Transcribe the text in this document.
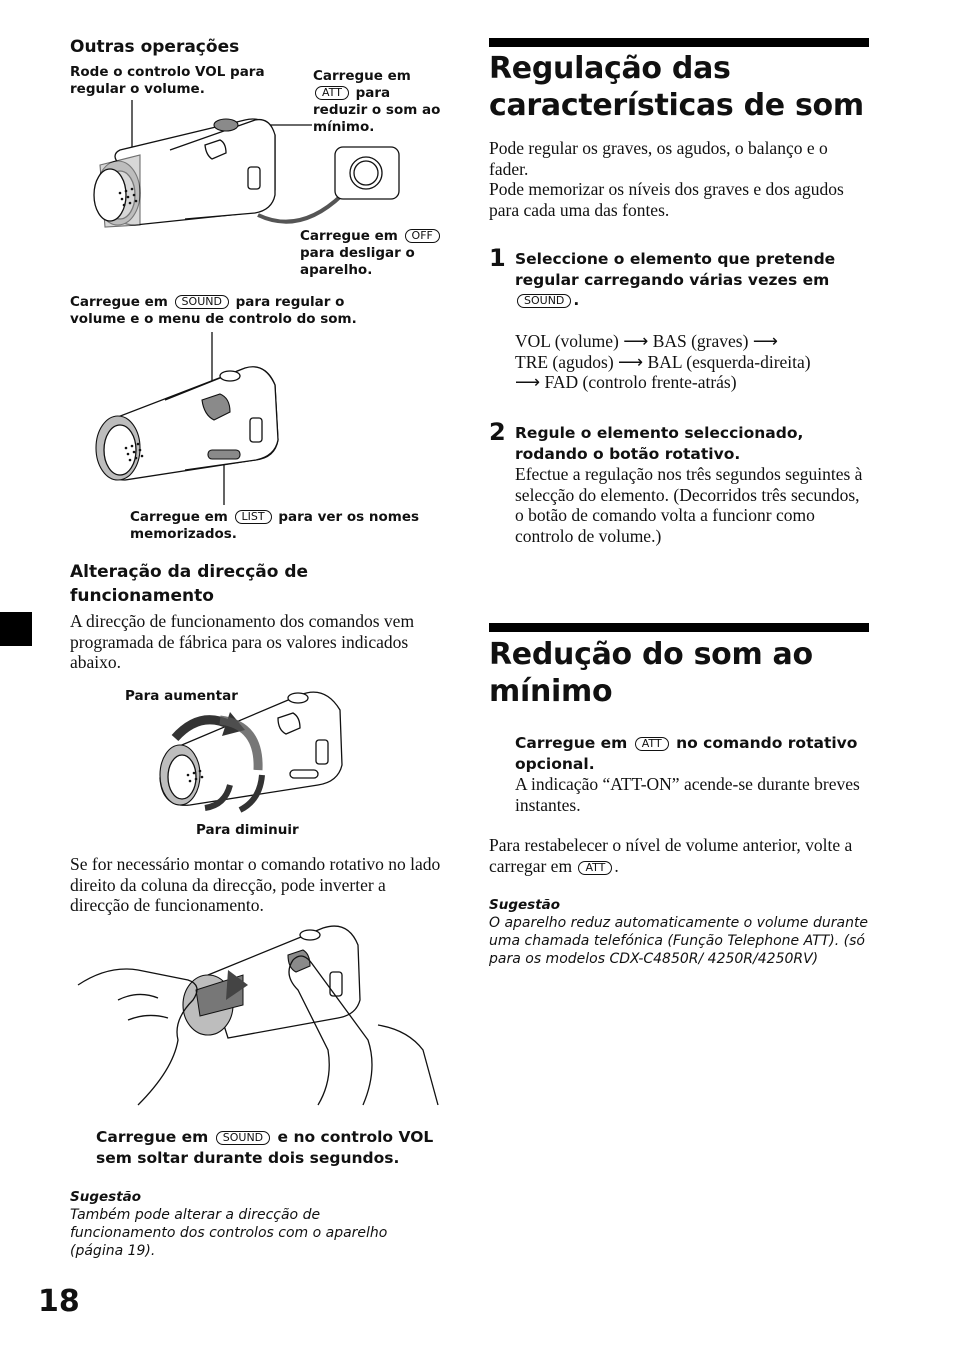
Outras operações
Rode o controlo VOL para regular o volume.
Carregue em
ATT para
reduzir o som ao mínimo.
Carregue em OFF
para desligar o aparelho.
Carregue em SOUND para regular o
volume e o menu de controlo do som.
Carregue em LIST para ver os nomes
memorizados.
Alteração da direcção de funcionamento
A direcção de funcionamento dos comandos vem programada de fábrica para os valores indicados abaixo.
Para aumentar
Para diminuir
Se for necessário montar o comando rotativo no lado direito da coluna da direcção, pode inverter a direcção de funcionamento.
Carregue em SOUND e no controlo VOL
sem soltar durante dois segundos.
Sugestão
Também pode alterar a direcção de funcionamento dos controlos com o aparelho (página 19).
18
Regulação das características de som
Pode regular os graves, os agudos, o balanço e o fader.
Pode memorizar os níveis dos graves e dos agudos para cada uma das fontes.
1 Seleccione o elemento que pretende regular carregando várias vezes em SOUND .
VOL (volume) ⟶ BAS (graves) ⟶
TRE (agudos) ⟶ BAL (esquerda-direita)
⟶ FAD (controlo frente-atrás)
2 Regule o elemento seleccionado, rodando o botão rotativo.
Efectue a regulação nos três segundos seguintes à selecção do elemento. (Decorridos três secundos, o botão de comando volta a funcionr como controlo de volume.)
Redução do som ao mínimo
Carregue em ATT no comando rotativo opcional.
A indicação “ATT-ON” acende-se durante breves instantes.
Para restabelecer o nível de volume anterior, volte a carregar em ATT .
Sugestão
O aparelho reduz automaticamente o volume durante uma chamada telefónica (Função Telephone ATT). (só para os modelos CDX-C4850R/ 4250R/4250RV)
